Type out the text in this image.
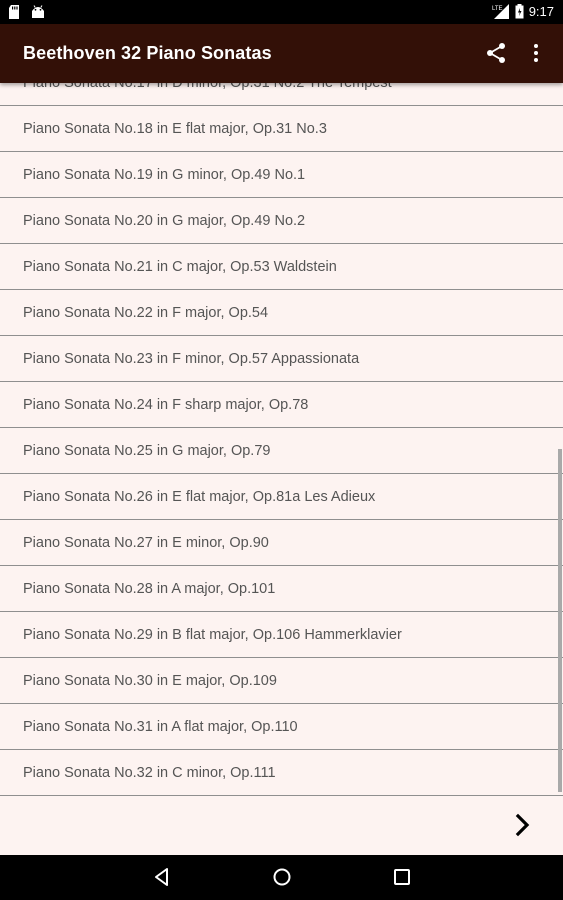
LTE 9:17
Beethoven 32 Piano Sonatas
Piano Sonata No.18 in E flat major, Op.31 No.3
Piano Sonata No.19 in G minor, Op.49 No.1
Piano Sonata No.20 in G major, Op.49 No.2
Piano Sonata No.21 in C major, Op.53 Waldstein
Piano Sonata No.22 in F major, Op.54
Piano Sonata No.23 in F minor, Op.57 Appassionata
Piano Sonata No.24 in F sharp major, Op.78
Piano Sonata No.25 in G major, Op.79
Piano Sonata No.26 in E flat major, Op.81a Les Adieux
Piano Sonata No.27 in E minor, Op.90
Piano Sonata No.28 in A major, Op.101
Piano Sonata No.29 in B flat major, Op.106 Hammerklavier
Piano Sonata No.30 in E major, Op.109
Piano Sonata No.31 in A flat major, Op.110
Piano Sonata No.32 in C minor, Op.111
